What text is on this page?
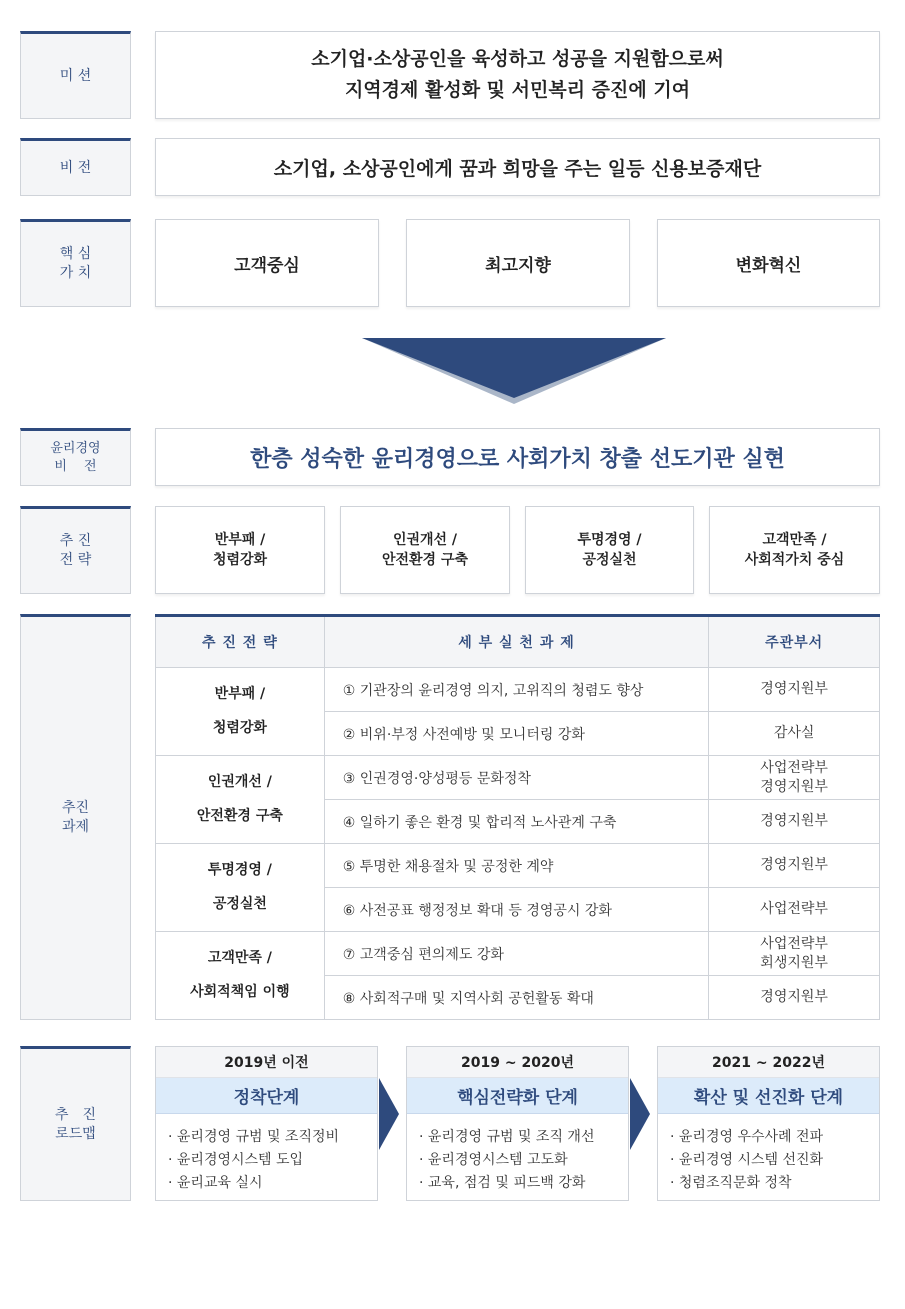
미 션
소기업·소상공인을 육성하고 성공을 지원함으로써
지역경제 활성화 및 서민복리 증진에 기여
비 전	소기업, 소상공인에게 꿈과 희망을 주는 일등 신용보증재단
핵 심
가 치	고객중심	최고지향	변화혁신
윤리경영
비　 전	한층 성숙한 윤리경영으로 사회가치 창출 선도기관 실현
추 진
전 략
반부패 /
청렴강화
인권개선 /
안전환경 구축
투명경영 /
공정실천
고객만족 /
사회적가치 중심
추진
과제
추 진 전 략	세 부 실 천 과 제	주관부서
반부패 /
청렴강화	① 기관장의 윤리경영 의지, 고위직의 청렴도 향상	경영지원부
	② 비위·부정 사전예방 및 모니터링 강화	감사실
인권개선 /
안전환경 구축	③ 인권경영·양성평등 문화정착	사업전략부
경영지원부
	④ 일하기 좋은 환경 및 합리적 노사관계 구축	경영지원부
투명경영 /
공정실천	⑤ 투명한 채용절차 및 공정한 계약	경영지원부
	⑥ 사전공표 행정정보 확대 등 경영공시 강화	사업전략부
고객만족 /
사회적책임 이행	⑦ 고객중심 편의제도 강화	사업전략부
회생지원부
	⑧ 사회적구매 및 지역사회 공헌활동 확대	경영지원부
추　진
로드맵
2019년 이전
정착단계
· 윤리경영 규범 및 조직정비
· 윤리경영시스템 도입
· 윤리교육 실시
2019 ~ 2020년
핵심전략화 단계
· 윤리경영 규범 및 조직 개선
· 윤리경영시스템 고도화
· 교육, 점검 및 피드백 강화
2021 ~ 2022년
확산 및 선진화 단계
· 윤리경영 우수사례 전파
· 윤리경영 시스템 선진화
· 청렴조직문화 정착
